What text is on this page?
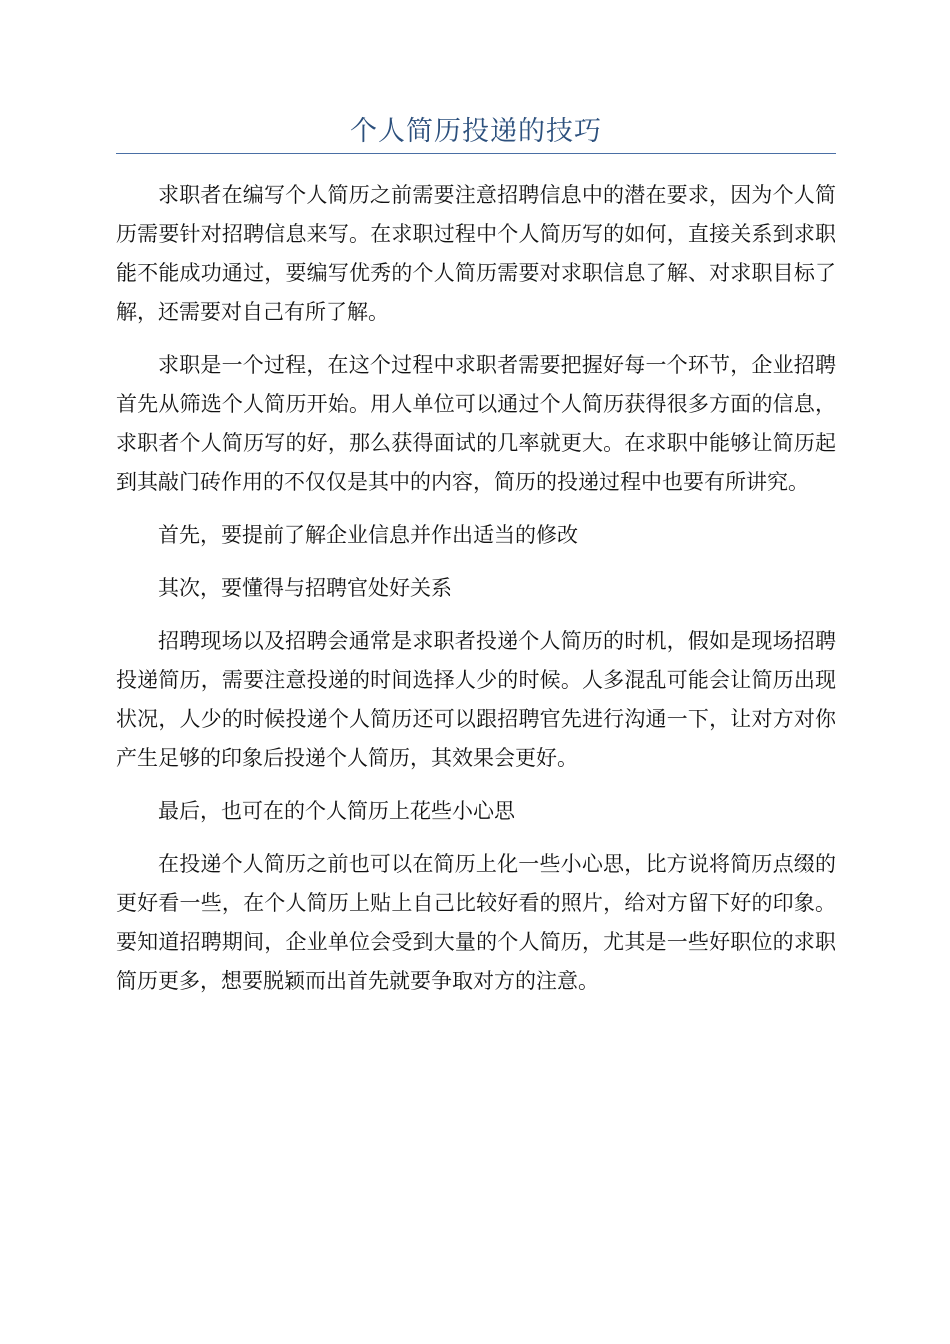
个人简历投递的技巧

求职者在编写个人简历之前需要注意招聘信息中的潜在要求，因为个人简历需要针对招聘信息来写。在求职过程中个人简历写的如何，直接关系到求职能不能成功通过，要编写优秀的个人简历需要对求职信息了解、对求职目标了解，还需要对自己有所了解。

求职是一个过程，在这个过程中求职者需要把握好每一个环节，企业招聘首先从筛选个人简历开始。用人单位可以通过个人简历获得很多方面的信息，求职者个人简历写的好，那么获得面试的几率就更大。在求职中能够让简历起到其敲门砖作用的不仅仅是其中的内容，简历的投递过程中也要有所讲究。

首先，要提前了解企业信息并作出适当的修改

其次，要懂得与招聘官处好关系

招聘现场以及招聘会通常是求职者投递个人简历的时机，假如是现场招聘投递简历，需要注意投递的时间选择人少的时候。人多混乱可能会让简历出现状况，人少的时候投递个人简历还可以跟招聘官先进行沟通一下，让对方对你产生足够的印象后投递个人简历，其效果会更好。

最后，也可在的个人简历上花些小心思

在投递个人简历之前也可以在简历上化一些小心思，比方说将简历点缀的更好看一些，在个人简历上贴上自己比较好看的照片，给对方留下好的印象。要知道招聘期间，企业单位会受到大量的个人简历，尤其是一些好职位的求职简历更多，想要脱颖而出首先就要争取对方的注意。
